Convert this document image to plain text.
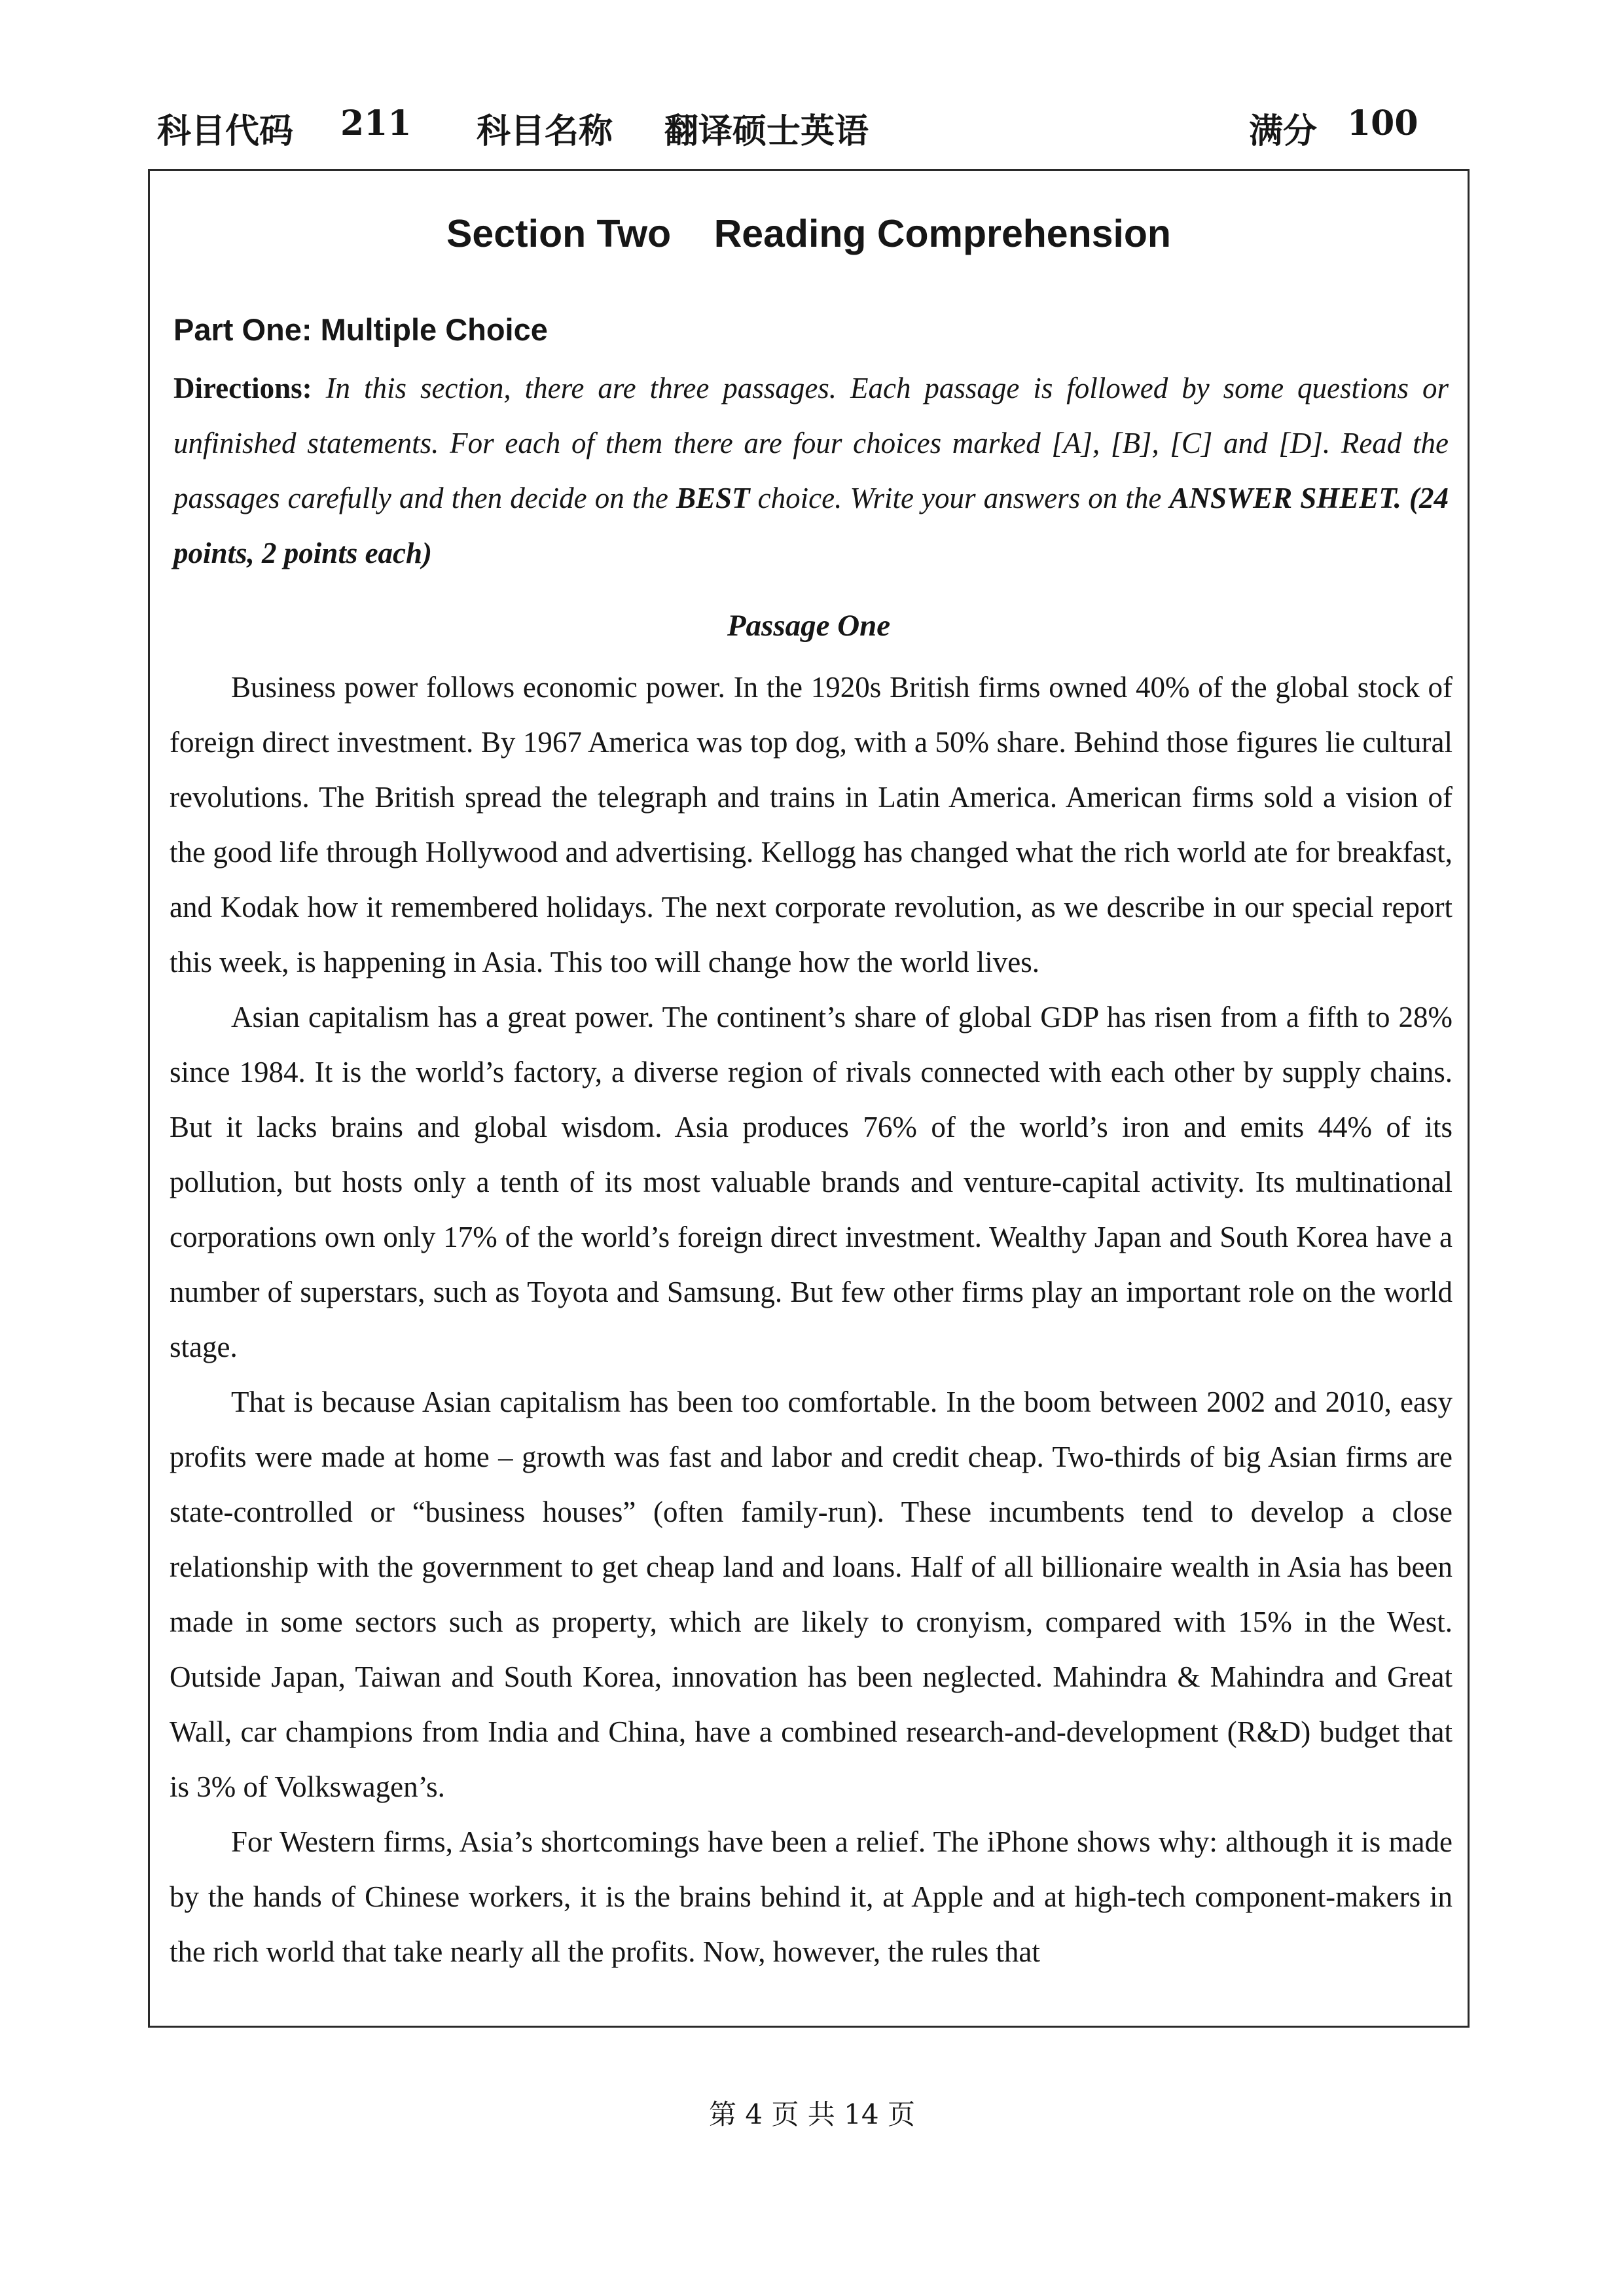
科目代码 211 科目名称 翻译硕士英语	满分 100
Section Two    Reading Comprehension
Part One: Multiple Choice
Directions: In this section, there are three passages. Each passage is followed by some questions or unfinished statements. For each of them there are four choices marked [A], [B], [C] and [D]. Read the passages carefully and then decide on the BEST choice. Write your answers on the ANSWER SHEET. (24 points, 2 points each)
Passage One

Business power follows economic power. In the 1920s British firms owned 40% of the global stock of foreign direct investment. By 1967 America was top dog, with a 50% share. Behind those figures lie cultural revolutions. The British spread the telegraph and trains in Latin America. American firms sold a vision of the good life through Hollywood and advertising. Kellogg has changed what the rich world ate for breakfast, and Kodak how it remembered holidays. The next corporate revolution, as we describe in our special report this week, is happening in Asia. This too will change how the world lives.

Asian capitalism has a great power. The continent’s share of global GDP has risen from a fifth to 28% since 1984. It is the world’s factory, a diverse region of rivals connected with each other by supply chains. But it lacks brains and global wisdom. Asia produces 76% of the world’s iron and emits 44% of its pollution, but hosts only a tenth of its most valuable brands and venture-capital activity. Its multinational corporations own only 17% of the world’s foreign direct investment. Wealthy Japan and South Korea have a number of superstars, such as Toyota and Samsung. But few other firms play an important role on the world stage.

That is because Asian capitalism has been too comfortable. In the boom between 2002 and 2010, easy profits were made at home – growth was fast and labor and credit cheap. Two-thirds of big Asian firms are state-controlled or “business houses” (often family-run). These incumbents tend to develop a close relationship with the government to get cheap land and loans. Half of all billionaire wealth in Asia has been made in some sectors such as property, which are likely to cronyism, compared with 15% in the West. Outside Japan, Taiwan and South Korea, innovation has been neglected. Mahindra & Mahindra and Great Wall, car champions from India and China, have a combined research-and-development (R&D) budget that is 3% of Volkswagen’s.

For Western firms, Asia’s shortcomings have been a relief. The iPhone shows why: although it is made by the hands of Chinese workers, it is the brains behind it, at Apple and at high-tech component-makers in the rich world that take nearly all the profits. Now, however, the rules that

第 4 页 共 14 页
